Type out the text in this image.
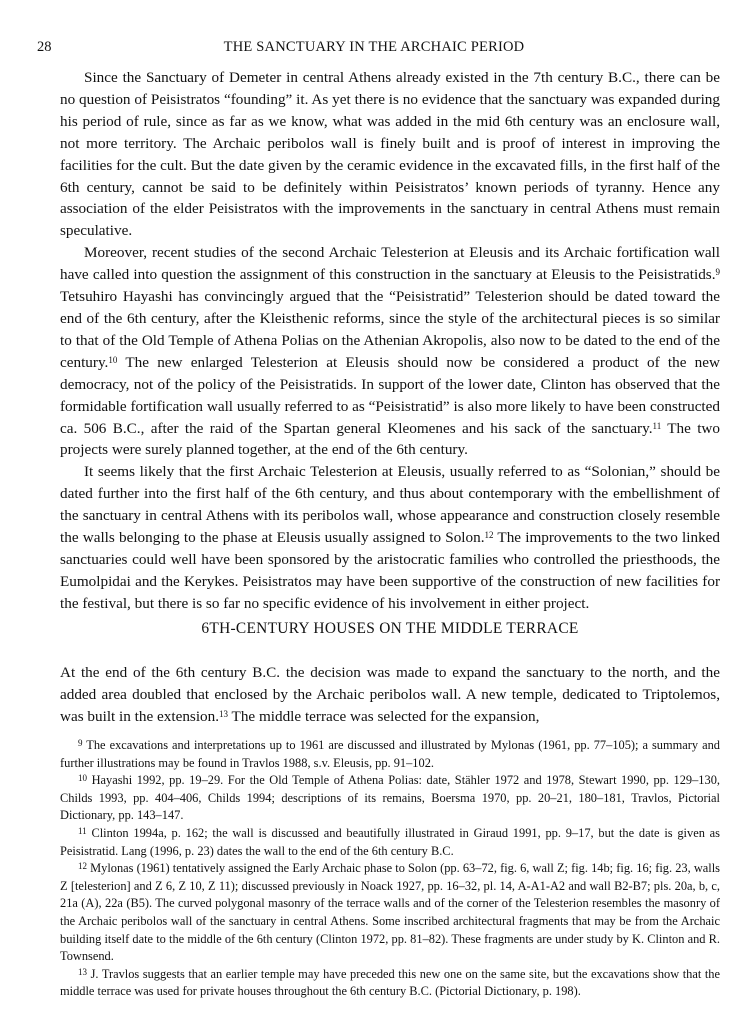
28	THE SANCTUARY IN THE ARCHAIC PERIOD

Since the Sanctuary of Demeter in central Athens already existed in the 7th century B.C., there can be no question of Peisistratos “founding” it. As yet there is no evidence that the sanctuary was expanded during his period of rule, since as far as we know, what was added in the mid 6th century was an enclosure wall, not more territory. The Archaic peribolos wall is finely built and is proof of interest in improving the facilities for the cult. But the date given by the ceramic evidence in the excavated fills, in the first half of the 6th century, cannot be said to be definitely within Peisistratos’ known periods of tyranny. Hence any association of the elder Peisistratos with the improvements in the sanctuary in central Athens must remain speculative.

Moreover, recent studies of the second Archaic Telesterion at Eleusis and its Archaic fortification wall have called into question the assignment of this construction in the sanctuary at Eleusis to the Peisistratids.$^9$ Tetsuhiro Hayashi has convincingly argued that the “Peisistratid” Telesterion should be dated toward the end of the 6th century, after the Kleisthenic reforms, since the style of the architectural pieces is so similar to that of the Old Temple of Athena Polias on the Athenian Akropolis, also now to be dated to the end of the century.$^{10}$ The new enlarged Telesterion at Eleusis should now be considered a product of the new democracy, not of the policy of the Peisistratids. In support of the lower date, Clinton has observed that the formidable fortification wall usually referred to as “Peisistratid” is also more likely to have been constructed ca. 506 B.C., after the raid of the Spartan general Kleomenes and his sack of the sanctuary.$^{11}$ The two projects were surely planned together, at the end of the 6th century.

It seems likely that the first Archaic Telesterion at Eleusis, usually referred to as “Solonian,” should be dated further into the first half of the 6th century, and thus about contemporary with the embellishment of the sanctuary in central Athens with its peribolos wall, whose appearance and construction closely resemble the walls belonging to the phase at Eleusis usually assigned to Solon.$^{12}$ The improvements to the two linked sanctuaries could well have been sponsored by the aristocratic families who controlled the priesthoods, the Eumolpidai and the Kerykes. Peisistratos may have been supportive of the construction of new facilities for the festival, but there is so far no specific evidence of his involvement in either project.

6TH-CENTURY HOUSES ON THE MIDDLE TERRACE

At the end of the 6th century B.C. the decision was made to expand the sanctuary to the north, and the added area doubled that enclosed by the Archaic peribolos wall. A new temple, dedicated to Triptolemos, was built in the extension.$^{13}$ The middle terrace was selected for the expansion,

$^9$ The excavations and interpretations up to 1961 are discussed and illustrated by Mylonas (1961, pp. 77–105); a summary and further illustrations may be found in Travlos 1988, s.v. Eleusis, pp. 91–102.

$^{10}$ Hayashi 1992, pp. 19–29. For the Old Temple of Athena Polias: date, Stähler 1972 and 1978, Stewart 1990, pp. 129–130, Childs 1993, pp. 404–406, Childs 1994; descriptions of its remains, Boersma 1970, pp. 20–21, 180–181, Travlos, Pictorial Dictionary, pp. 143–147.

$^{11}$ Clinton 1994a, p. 162; the wall is discussed and beautifully illustrated in Giraud 1991, pp. 9–17, but the date is given as Peisistratid. Lang (1996, p. 23) dates the wall to the end of the 6th century B.C.

$^{12}$ Mylonas (1961) tentatively assigned the Early Archaic phase to Solon (pp. 63–72, fig. 6, wall Z; fig. 14b; fig. 16; fig. 23, walls Z [telesterion] and Z 6, Z 10, Z 11); discussed previously in Noack 1927, pp. 16–32, pl. 14, A-A1-A2 and wall B2-B7; pls. 20a, b, c, 21a (A), 22a (B5). The curved polygonal masonry of the terrace walls and of the corner of the Telesterion resembles the masonry of the Archaic peribolos wall of the sanctuary in central Athens. Some inscribed architectural fragments that may be from the Archaic building itself date to the middle of the 6th century (Clinton 1972, pp. 81–82). These fragments are under study by K. Clinton and R. Townsend.

$^{13}$ J. Travlos suggests that an earlier temple may have preceded this new one on the same site, but the excavations show that the middle terrace was used for private houses throughout the 6th century B.C. (Pictorial Dictionary, p. 198).
